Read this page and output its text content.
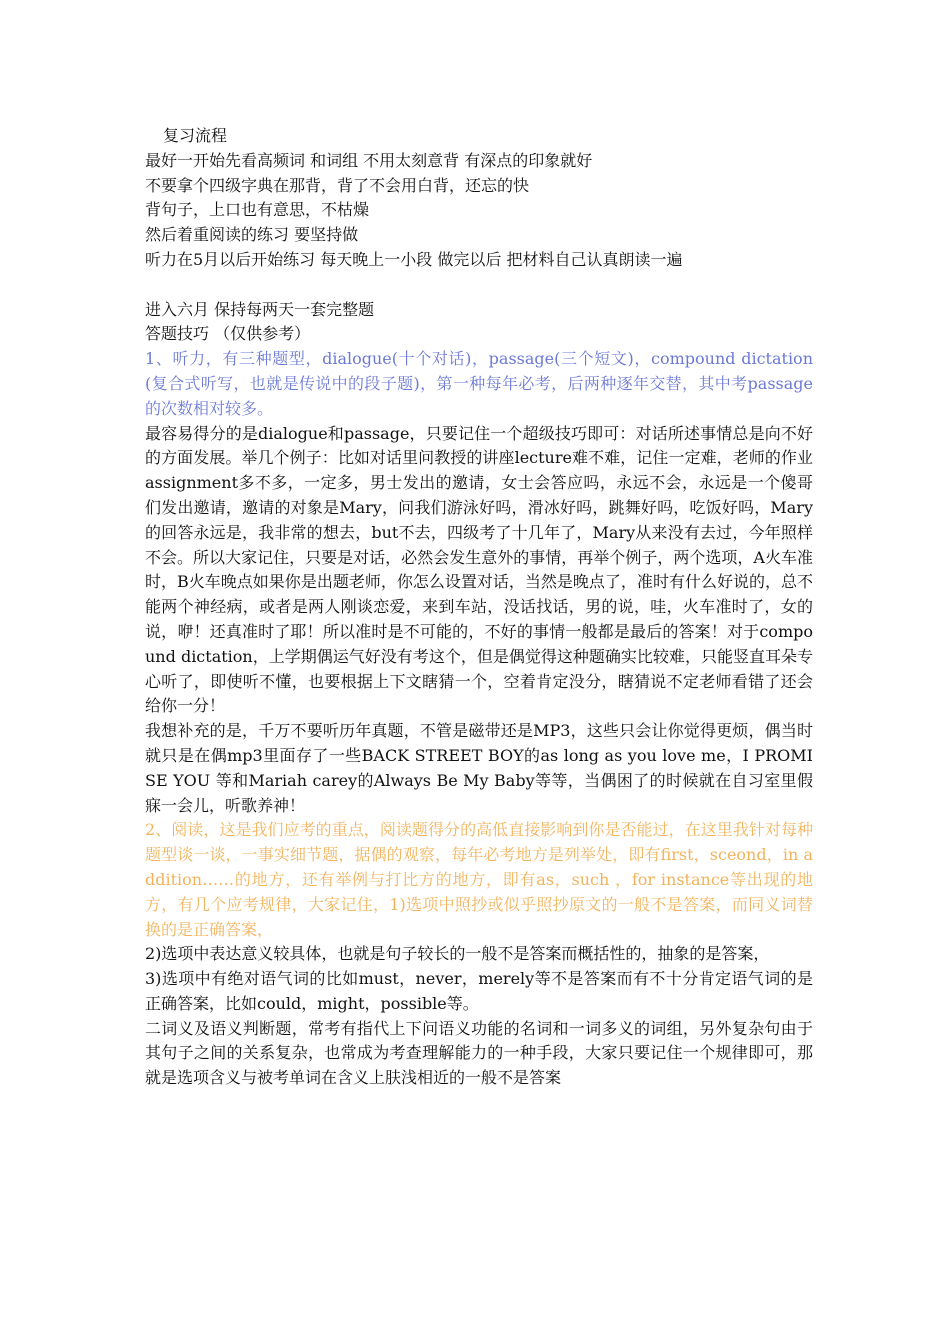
复习流程

最好一开始先看高频词 和词组 不用太刻意背 有深点的印象就好

不要拿个四级字典在那背，背了不会用白背，还忘的快

背句子，上口也有意思，不枯燥

然后着重阅读的练习 要坚持做

听力在5月以后开始练习 每天晚上一小段 做完以后 把材料自己认真朗读一遍

进入六月 保持每两天一套完整题

答题技巧 （仅供参考）

1、听力，有三种题型，dialogue(十个对话)，passage(三个短文)，compound dictation(复合式听写，也就是传说中的段子题)，第一种每年必考，后两种逐年交替，其中考passage的次数相对较多。

最容易得分的是dialogue和passage，只要记住一个超级技巧即可：对话所述事情总是向不好的方面发展。举几个例子：比如对话里问教授的讲座lecture难不难，记住一定难，老师的作业assignment多不多，一定多，男士发出的邀请，女士会答应吗，永远不会，永远是一个傻哥们发出邀请，邀请的对象是Mary，问我们游泳好吗，滑冰好吗，跳舞好吗，吃饭好吗，Mary的回答永远是，我非常的想去，but不去，四级考了十几年了，Mary从来没有去过，今年照样不会。所以大家记住，只要是对话，必然会发生意外的事情，再举个例子，两个选项，A火车准时，B火车晚点如果你是出题老师，你怎么设置对话，当然是晚点了，准时有什么好说的，总不能两个神经病，或者是两人刚谈恋爱，来到车站，没话找话，男的说，哇，火车准时了，女的说，咿！还真准时了耶！所以准时是不可能的，不好的事情一般都是最后的答案！对于compound dictation，上学期偶运气好没有考这个，但是偶觉得这种题确实比较难，只能竖直耳朵专心听了，即使听不懂，也要根据上下文瞎猜一个，空着肯定没分，瞎猜说不定老师看错了还会给你一分！

我想补充的是，千万不要听历年真题，不管是磁带还是MP3，这些只会让你觉得更烦，偶当时就只是在偶mp3里面存了一些BACK STREET BOY的as long as you love me，I PROMISE YOU 等和Mariah carey的Always Be My Baby等等，当偶困了的时候就在自习室里假寐一会儿，听歌养神！

2、阅读，这是我们应考的重点，阅读题得分的高低直接影响到你是否能过，在这里我针对每种题型谈一谈，一事实细节题，据偶的观察，每年必考地方是列举处，即有first，sceond，in addition……的地方，还有举例与打比方的地方，即有as，such ，for instance等出现的地方，有几个应考规律，大家记住，1)选项中照抄或似乎照抄原文的一般不是答案，而同义词替换的是正确答案，

2)选项中表达意义较具体，也就是句子较长的一般不是答案而概括性的，抽象的是答案，

3)选项中有绝对语气词的比如must，never，merely等不是答案而有不十分肯定语气词的是正确答案，比如could，might，possible等。

二词义及语义判断题，常考有指代上下问语义功能的名词和一词多义的词组，另外复杂句由于其句子之间的关系复杂，也常成为考查理解能力的一种手段，大家只要记住一个规律即可，那就是选项含义与被考单词在含义上肤浅相近的一般不是答案
